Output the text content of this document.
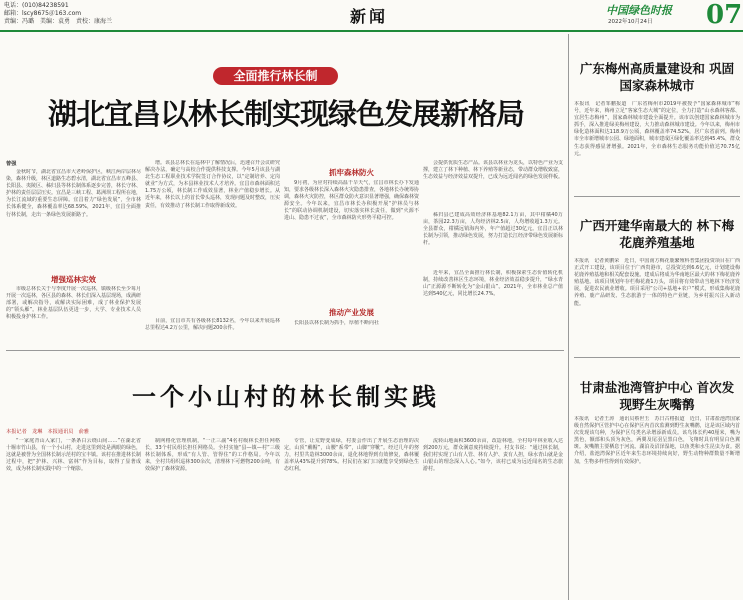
电话：(010)84238591
邮箱：lscy8675＠163.com
责编：冯璐　美编：袁勇　责校：康海兰	新闻	中国绿色时报
2022年10月24日 07
全面推行林长制
湖北宜昌以林长制实现绿色发展新格局
曾强
金秋时节，湖北省宜昌市大老岭保护区，峡江两岸层林尽染，森林升级，林区道路生态碧水清，湖北省宜昌市五峰县、长阳县、夷陵区、秭归县等林长制体系逐步完善，林长守林、护林的责任层层压实。宜昌是三峡工程、葛洲坝工程所在地，为长江流域的重要生态屏障。宜昌着力“绿色发展”，全市林长体系健全，森林覆盖率达68.59%，2021年，宜昌全面推行林长制，走出一条绿色发展新路子。
增强巡林实效
市级总林长关于与季度开展一次巡林，镇级林长至少每月开展一次巡林，各区县的森林、林长们深入基层现场，成满研部署，或解决指导，或解决实际困难，成了林业保护发展的“领头雁”。林业基层队伍更进一步，大学、专业技术人员积极投身护林工作。
增。该县总林长在巡林中了解情况后，迅速召开会议研究解决办法，确定与高校合作提供科技支撑。今年5月该县与湖北生态工程职业技术学院签订合作协议，以“定制培养、定岗就业”为方式，为本县林业技术人才培养。宜昌市森林面积达1.75万公顷，林长制工作成效显著，林业产值稳步增长。从近年来，林长以上的首长带头巡林，发现问题及时整改，压实责任，有效推动了林长制工作取得新成效。
目前，宜昌市共有各级林长8132名，今年以来开展巡林总里程达4.2万公里，解决问题200余件。
抓牢森林防火
9月初，为应对持续高温干旱天气，宜昌市林长办下发通知，要求各级林长深入森林火灾隐患排查，各地林长办统筹协调，森林火灾防控，林区群众防火意识显著增强，确保森林资源安全。今年以来，宜昌市林长办积极开展“护林员与林长”的联动协调机制建设，切实落实林长责任，做到“火源不进山、隐患不过夜”，全市森林防火形势平稳可控。
推动产业发展
长阳县以林长制为抓手，厚植不断向社
会提供优质生态产品。该县以林业为龙头，以特色产业为支撑，建立了林下种植、林下养殖等新业态，带动群众增收致富，生态效益与经济效益双提升，已成为远近闻名的绿色发展样板。
秭归县已建成高效经济林基地82.1万亩，其中柑橘40万亩，茶园22.3万亩，人均经济林2.5亩，人均增收超1.3万元。全县群众，柑橘远销海内外，年产值超过30亿元。宜昌正以林长制为引领，推动绿色发展，努力打造长江经济带绿色发展新标杆。
近年来，宜昌全面推行林长制，积极探索生态价值转化机制，持续改善林区生态环境，林业经济效益稳步提升，“绿水青山”正源源不断转化为“金山银山”。2021年，全市林业总产值达到540亿元，同比增长24.7%。
一个小山村的林长制实践
本报记者　龙琳　本报通讯员　俞雅
“一家庭青山入家门，一条条白云绕山间……”在湖北省十堰市竹山县，有一个小山村，走进这里到处是满眼的绿色，这就是被誉为全国林长制示范村的宝丰镇。该村在推进林长制过程中，把“护林、兴林、富林”作为目标，取得了显著成效，成为林长制实践中的一个缩影。
制网格化管理机制，“一正三副”4名村级林长担任网格长，33个村民组长担任网格员。全村实施“县—镇—村”三级林长制体系，形成“有人管、管得住”的工作格局。今年以来，全村共组织巡林300余次，清理林下可燃物200余吨，有效保护了森林资源。
专管，让荒野变成绿，村委会作出了开展生态治理的决定，山顶“戴帽”，山腰“系带”，山脚“穿靴”。经过几年的努力，村里共造林3000余亩，退化林地得到有效修复，森林覆盖率从43%提升到78%。村民们在家门口就能享受到绿色生态红利。
流转山地面积3600余亩，改造林地，全村每年林业收入达到200万元，群众满意度持续提升。村支书说：“通过林长制，我们村实现了山有人管、林有人护、责有人担，绿水青山就是金山银山的理念深入人心。”如今，该村已成为远近闻名的生态旅游村。
广东梅州高质量建设和 巩固国家森林城市
本报讯　记者邹鹏报道　广东省梅州市2019年被授予“国家森林城市”称号，近年来，梅州立足“客家生态大城”的定位，全力打造“山水森林客都、宜居生态梅州”，国家森林城市建设全面提升。该市以创建国家森林城市为抓手，深入推进绿美梅州建设，大力推动森林城市建设。今年以来，梅州市绿化造林面积达118.9万公顷，森林覆盖率74.52%，居广东省前列。梅州市全市新增城市公园、绿地面积，城市建成区绿化覆盖率达到45.4%，群众生态获得感显著增强。2021年，全市森林生态服务功能价值达70.75亿元。
广西开建华南最大的 林下梅花鹿养殖基地
本报讯　记者黄鹏荣　近日，中国南方梅花鹿繁殖科普集团投资项目在广西正式开工建设，该项目位于广西贵港市，总投资达到6.6亿元，计划建设梅花鹿养殖基地和相关配套设施。建成后将成为华南地区最大的林下梅花鹿养殖基地。该项目规划年存栏梅花鹿1万头，项目将有效带动当地林下经济发展，促进农民就业增收。项目采用“公司+基地+农户”模式，形成集梅花鹿养殖、鹿产品研发、生态旅游于一体的特色产业链，为乡村振兴注入新动能。
甘肃盐池湾管护中心 首次发现野生灰嘴鹡
本报讯　记者王涛　通讯员蔡世玉　苏日古格报道　近日，甘肃盐池湾国家级自然保护区管护中心在保护区内首次监测到野生灰嘴鹡，这是该区域内首次发现该鸟种，为保护区鸟类名录增添新成员。该鸟体长约40厘米，嘴为黑色，额部和头顶为灰色，两翼及尾羽呈黑白色，飞翔时具有明显白色翼斑。灰嘴鹡主要栖息于河流、湖泊及沼泽湿地，以鱼类和水生昆虫为食。据介绍，盐池湾保护区近年来生态环境持续向好，野生动物种群数量不断增加，生物多样性得到有效保护。
